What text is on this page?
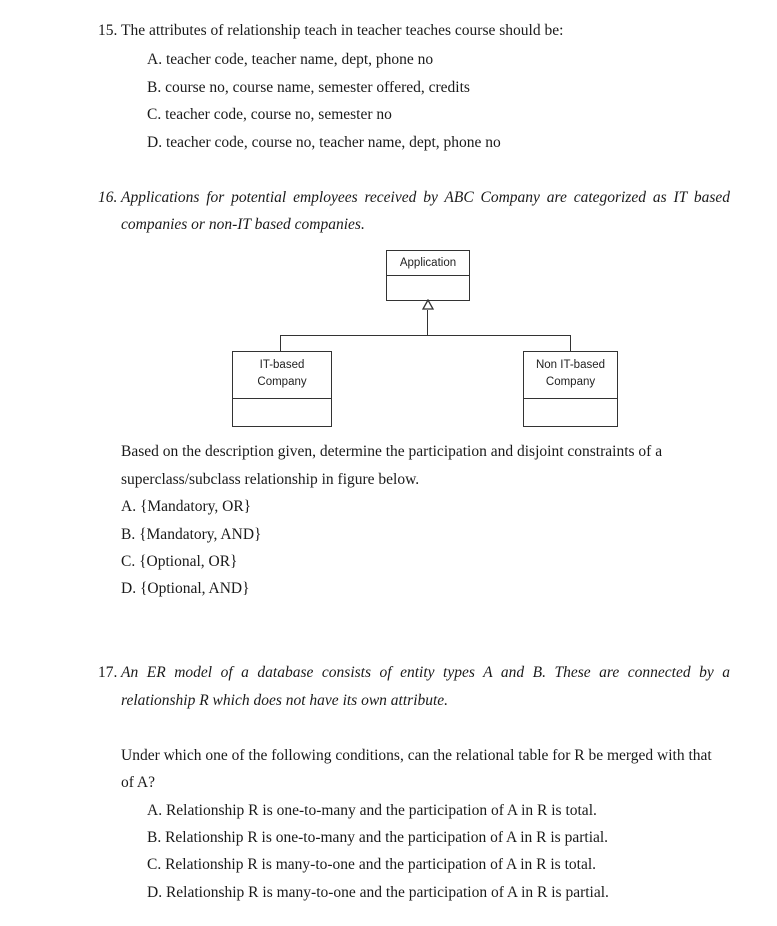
15. The attributes of relationship teach in teacher teaches course should be:
A. teacher code, teacher name, dept, phone no
B. course no, course name, semester offered, credits
C. teacher code, course no, semester no
D. teacher code, course no, teacher name, dept, phone no
16. Applications for potential employees received by ABC Company are categorized as IT based
companies or non-IT based companies.
Application
IT-based
Company
Non IT-based
Company
Based on the description given, determine the participation and disjoint constraints of a
superclass/subclass relationship in figure below.
A. {Mandatory, OR}
B. {Mandatory, AND}
C. {Optional, OR}
D. {Optional, AND}
17. An ER model of a database consists of entity types A and B. These are connected by a
relationship R which does not have its own attribute.
Under which one of the following conditions, can the relational table for R be merged with that
of A?
A. Relationship R is one-to-many and the participation of A in R is total.
B. Relationship R is one-to-many and the participation of A in R is partial.
C. Relationship R is many-to-one and the participation of A in R is total.
D. Relationship R is many-to-one and the participation of A in R is partial.
